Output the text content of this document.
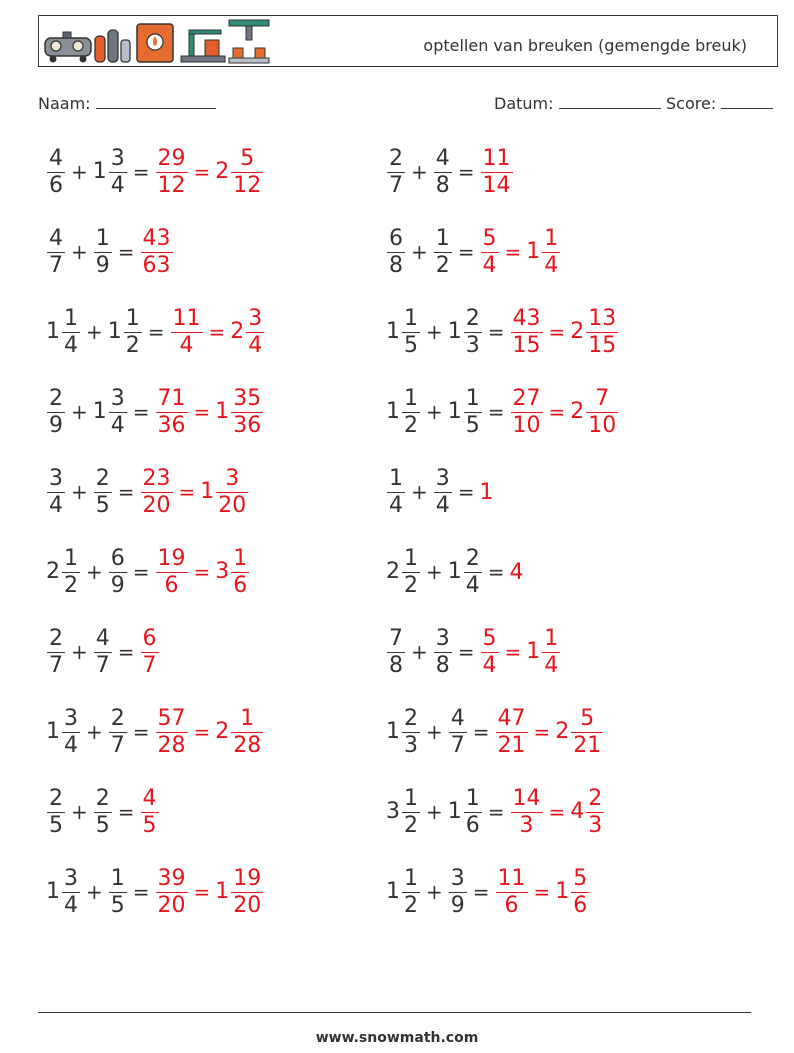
optellen van breuken (gemengde breuk)
Naam:	Datum:	Score:
$\frac{4}{6} + 1 \frac{3}{4} = \frac{29}{12} = 2 \frac{5}{12}$	$\frac{2}{7} + \frac{4}{8} = \frac{11}{14}$
$\frac{4}{7} + \frac{1}{9} = \frac{43}{63}$	$\frac{6}{8} + \frac{1}{2} = \frac{5}{4} = 1 \frac{1}{4}$
$1 \frac{1}{4} + 1 \frac{1}{2} = \frac{11}{4} = 2 \frac{3}{4}$	$1 \frac{1}{5} + 1 \frac{2}{3} = \frac{43}{15} = 2 \frac{13}{15}$
$\frac{2}{9} + 1 \frac{3}{4} = \frac{71}{36} = 1 \frac{35}{36}$	$1 \frac{1}{2} + 1 \frac{1}{5} = \frac{27}{10} = 2 \frac{7}{10}$
$\frac{3}{4} + \frac{2}{5} = \frac{23}{20} = 1 \frac{3}{20}$	$\frac{1}{4} + \frac{3}{4} = 1$
$2 \frac{1}{2} + \frac{6}{9} = \frac{19}{6} = 3 \frac{1}{6}$	$2 \frac{1}{2} + 1 \frac{2}{4} = 4$
$\frac{2}{7} + \frac{4}{7} = \frac{6}{7}$	$\frac{7}{8} + \frac{3}{8} = \frac{5}{4} = 1 \frac{1}{4}$
$1 \frac{3}{4} + \frac{2}{7} = \frac{57}{28} = 2 \frac{1}{28}$	$1 \frac{2}{3} + \frac{4}{7} = \frac{47}{21} = 2 \frac{5}{21}$
$\frac{2}{5} + \frac{2}{5} = \frac{4}{5}$	$3 \frac{1}{2} + 1 \frac{1}{6} = \frac{14}{3} = 4 \frac{2}{3}$
$1 \frac{3}{4} + \frac{1}{5} = \frac{39}{20} = 1 \frac{19}{20}$	$1 \frac{1}{2} + \frac{3}{9} = \frac{11}{6} = 1 \frac{5}{6}$
www.snowmath.com
